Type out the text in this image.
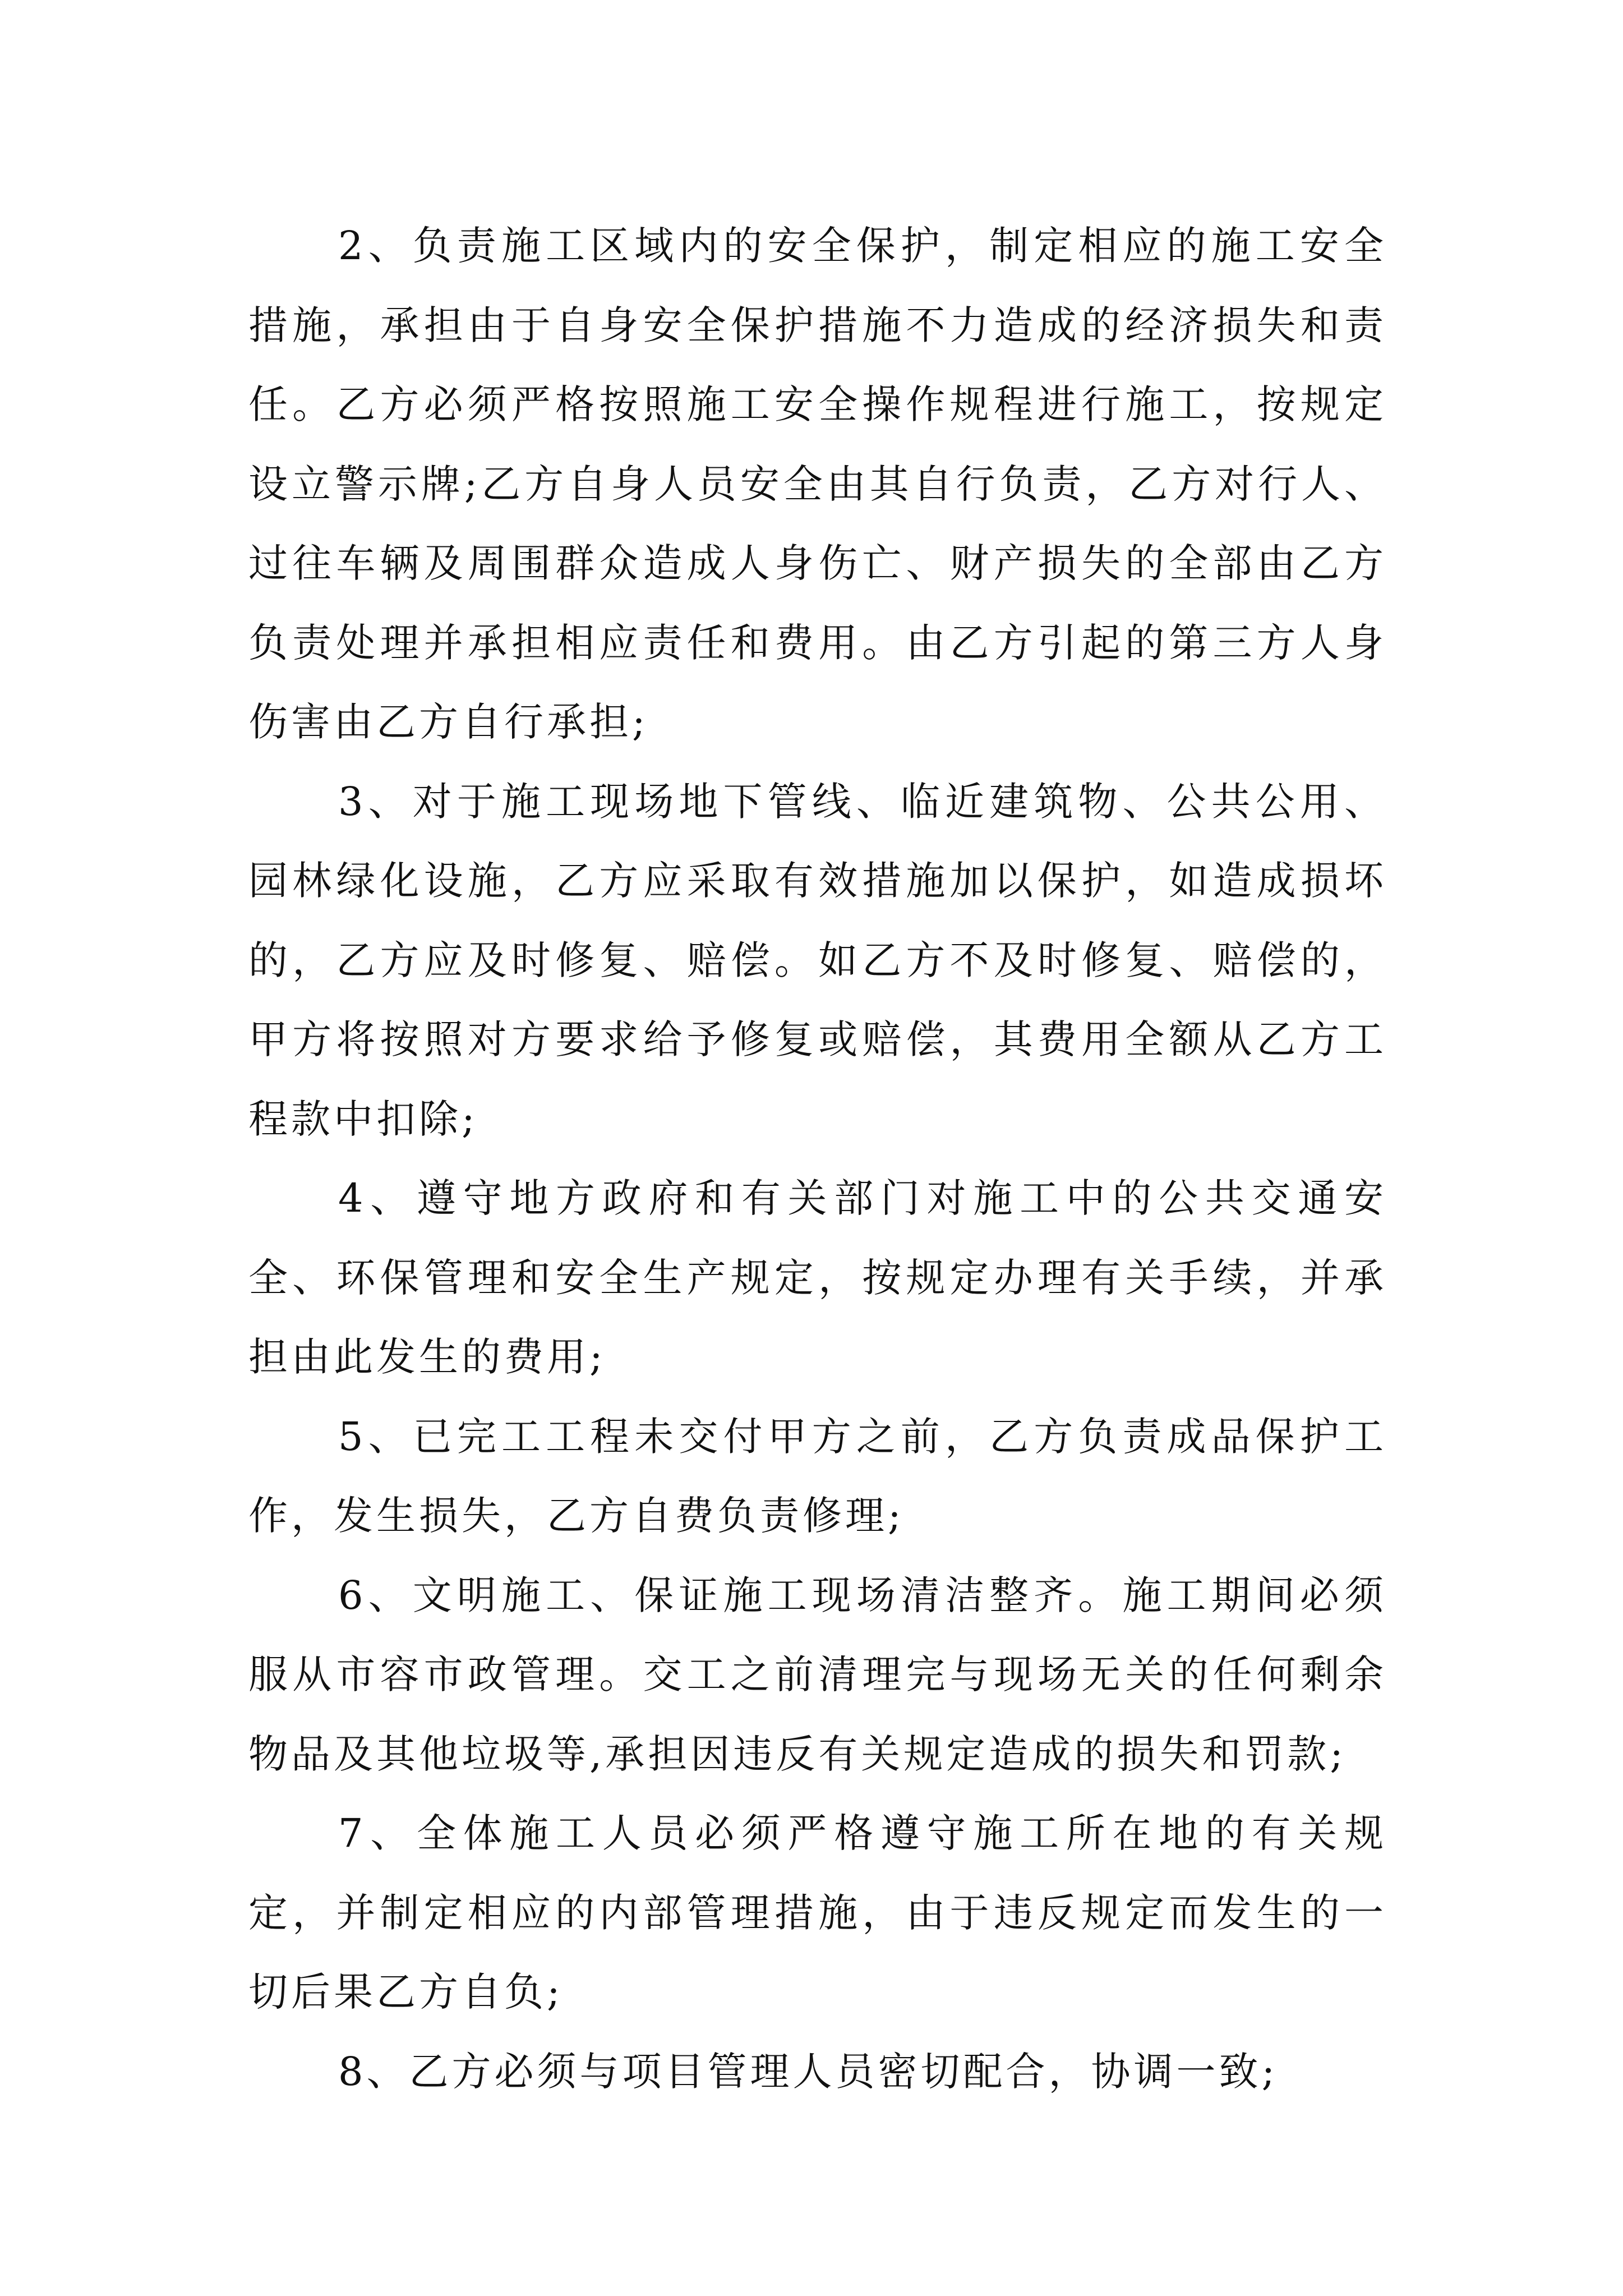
2、负责施工区域内的安全保护，制定相应的施工安全措施，承担由于自身安全保护措施不力造成的经济损失和责任。乙方必须严格按照施工安全操作规程进行施工，按规定设立警示牌;乙方自身人员安全由其自行负责，乙方对行人、过往车辆及周围群众造成人身伤亡、财产损失的全部由乙方负责处理并承担相应责任和费用。由乙方引起的第三方人身伤害由乙方自行承担;

3、对于施工现场地下管线、临近建筑物、公共公用、园林绿化设施，乙方应采取有效措施加以保护，如造成损坏的，乙方应及时修复、赔偿。如乙方不及时修复、赔偿的，甲方将按照对方要求给予修复或赔偿，其费用全额从乙方工程款中扣除;

4、遵守地方政府和有关部门对施工中的公共交通安全、环保管理和安全生产规定，按规定办理有关手续，并承担由此发生的费用;

5、已完工工程未交付甲方之前，乙方负责成品保护工作，发生损失，乙方自费负责修理;

6、文明施工、保证施工现场清洁整齐。施工期间必须服从市容市政管理。交工之前清理完与现场无关的任何剩余物品及其他垃圾等,承担因违反有关规定造成的损失和罚款;

7、全体施工人员必须严格遵守施工所在地的有关规定，并制定相应的内部管理措施，由于违反规定而发生的一切后果乙方自负;

8、乙方必须与项目管理人员密切配合，协调一致;
